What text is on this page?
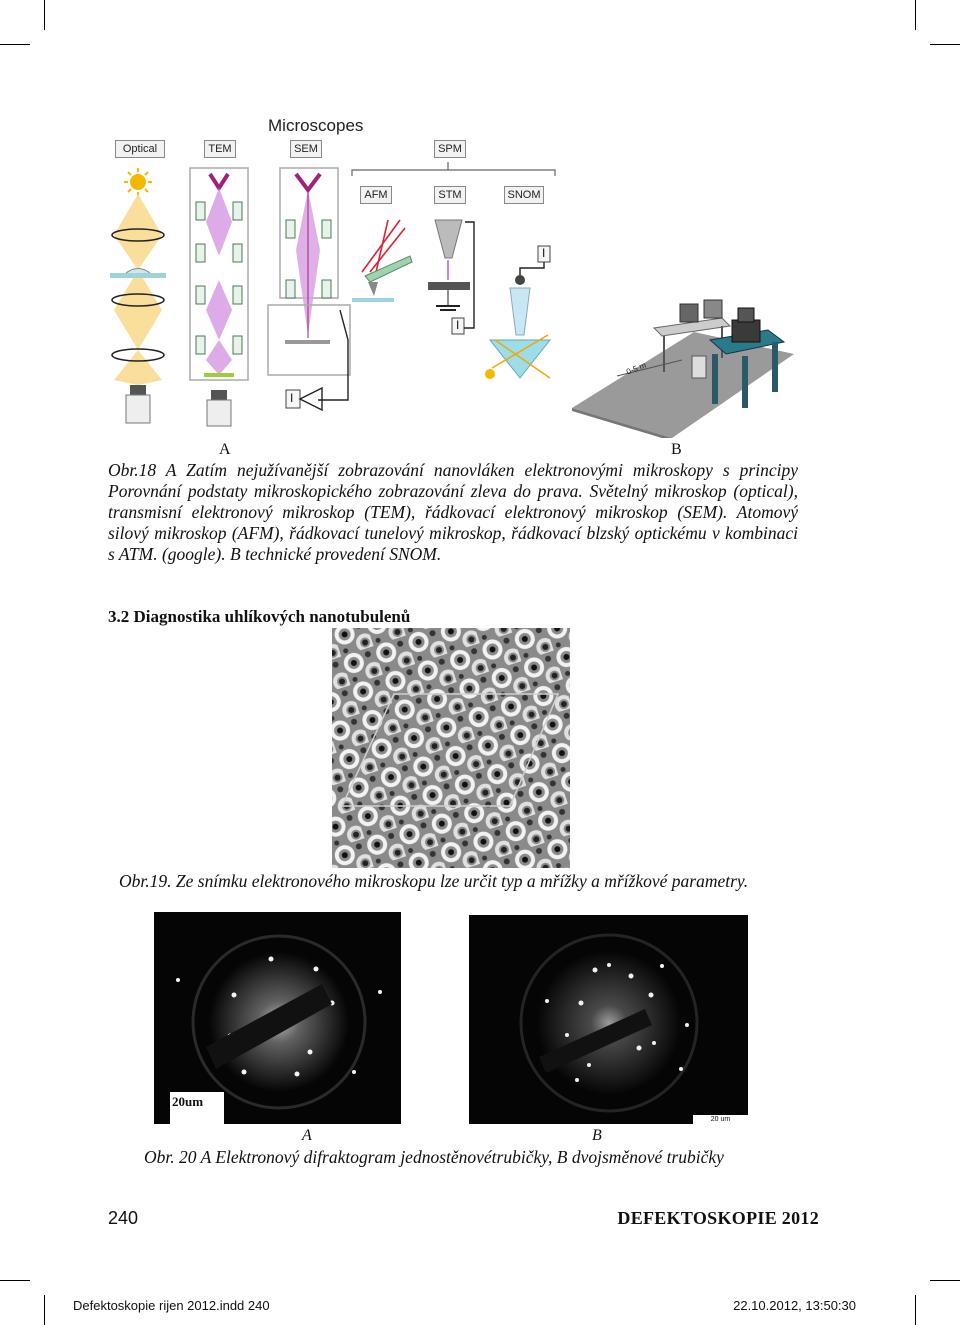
Microscopes
Optical	TEM	SEM	SPM
AFM	STM	SNOM
I
I
I
0-5 m
A	B
Obr.18 A Zatím nejužívanější zobrazování nanovláken elektronovými mikroskopy s principy Porovnání podstaty mikroskopického zobrazování zleva do prava. Světelný mikroskop (optical), transmisní elektronový mikroskop (TEM), řádkovací elektronový mikroskop (SEM). Atomový silový mikroskop (AFM), řádkovací tunelový mikroskop, řádkovací blzský optickému v kombinaci s ATM. (google). B technické provedení SNOM.
3.2 Diagnostika uhlíkových nanotubulenů
Obr.19. Ze snímku elektronového mikroskopu lze určit typ a mřížky a mřížkové parametry.
20um
20 um
A	B
Obr. 20 A Elektronový difraktogram jednostěnovétrubičky, B dvojsměnové trubičky
240	DEFEKTOSKOPIE 2012
Defektoskopie rijen 2012.indd 240	22.10.2012, 13:50:30
